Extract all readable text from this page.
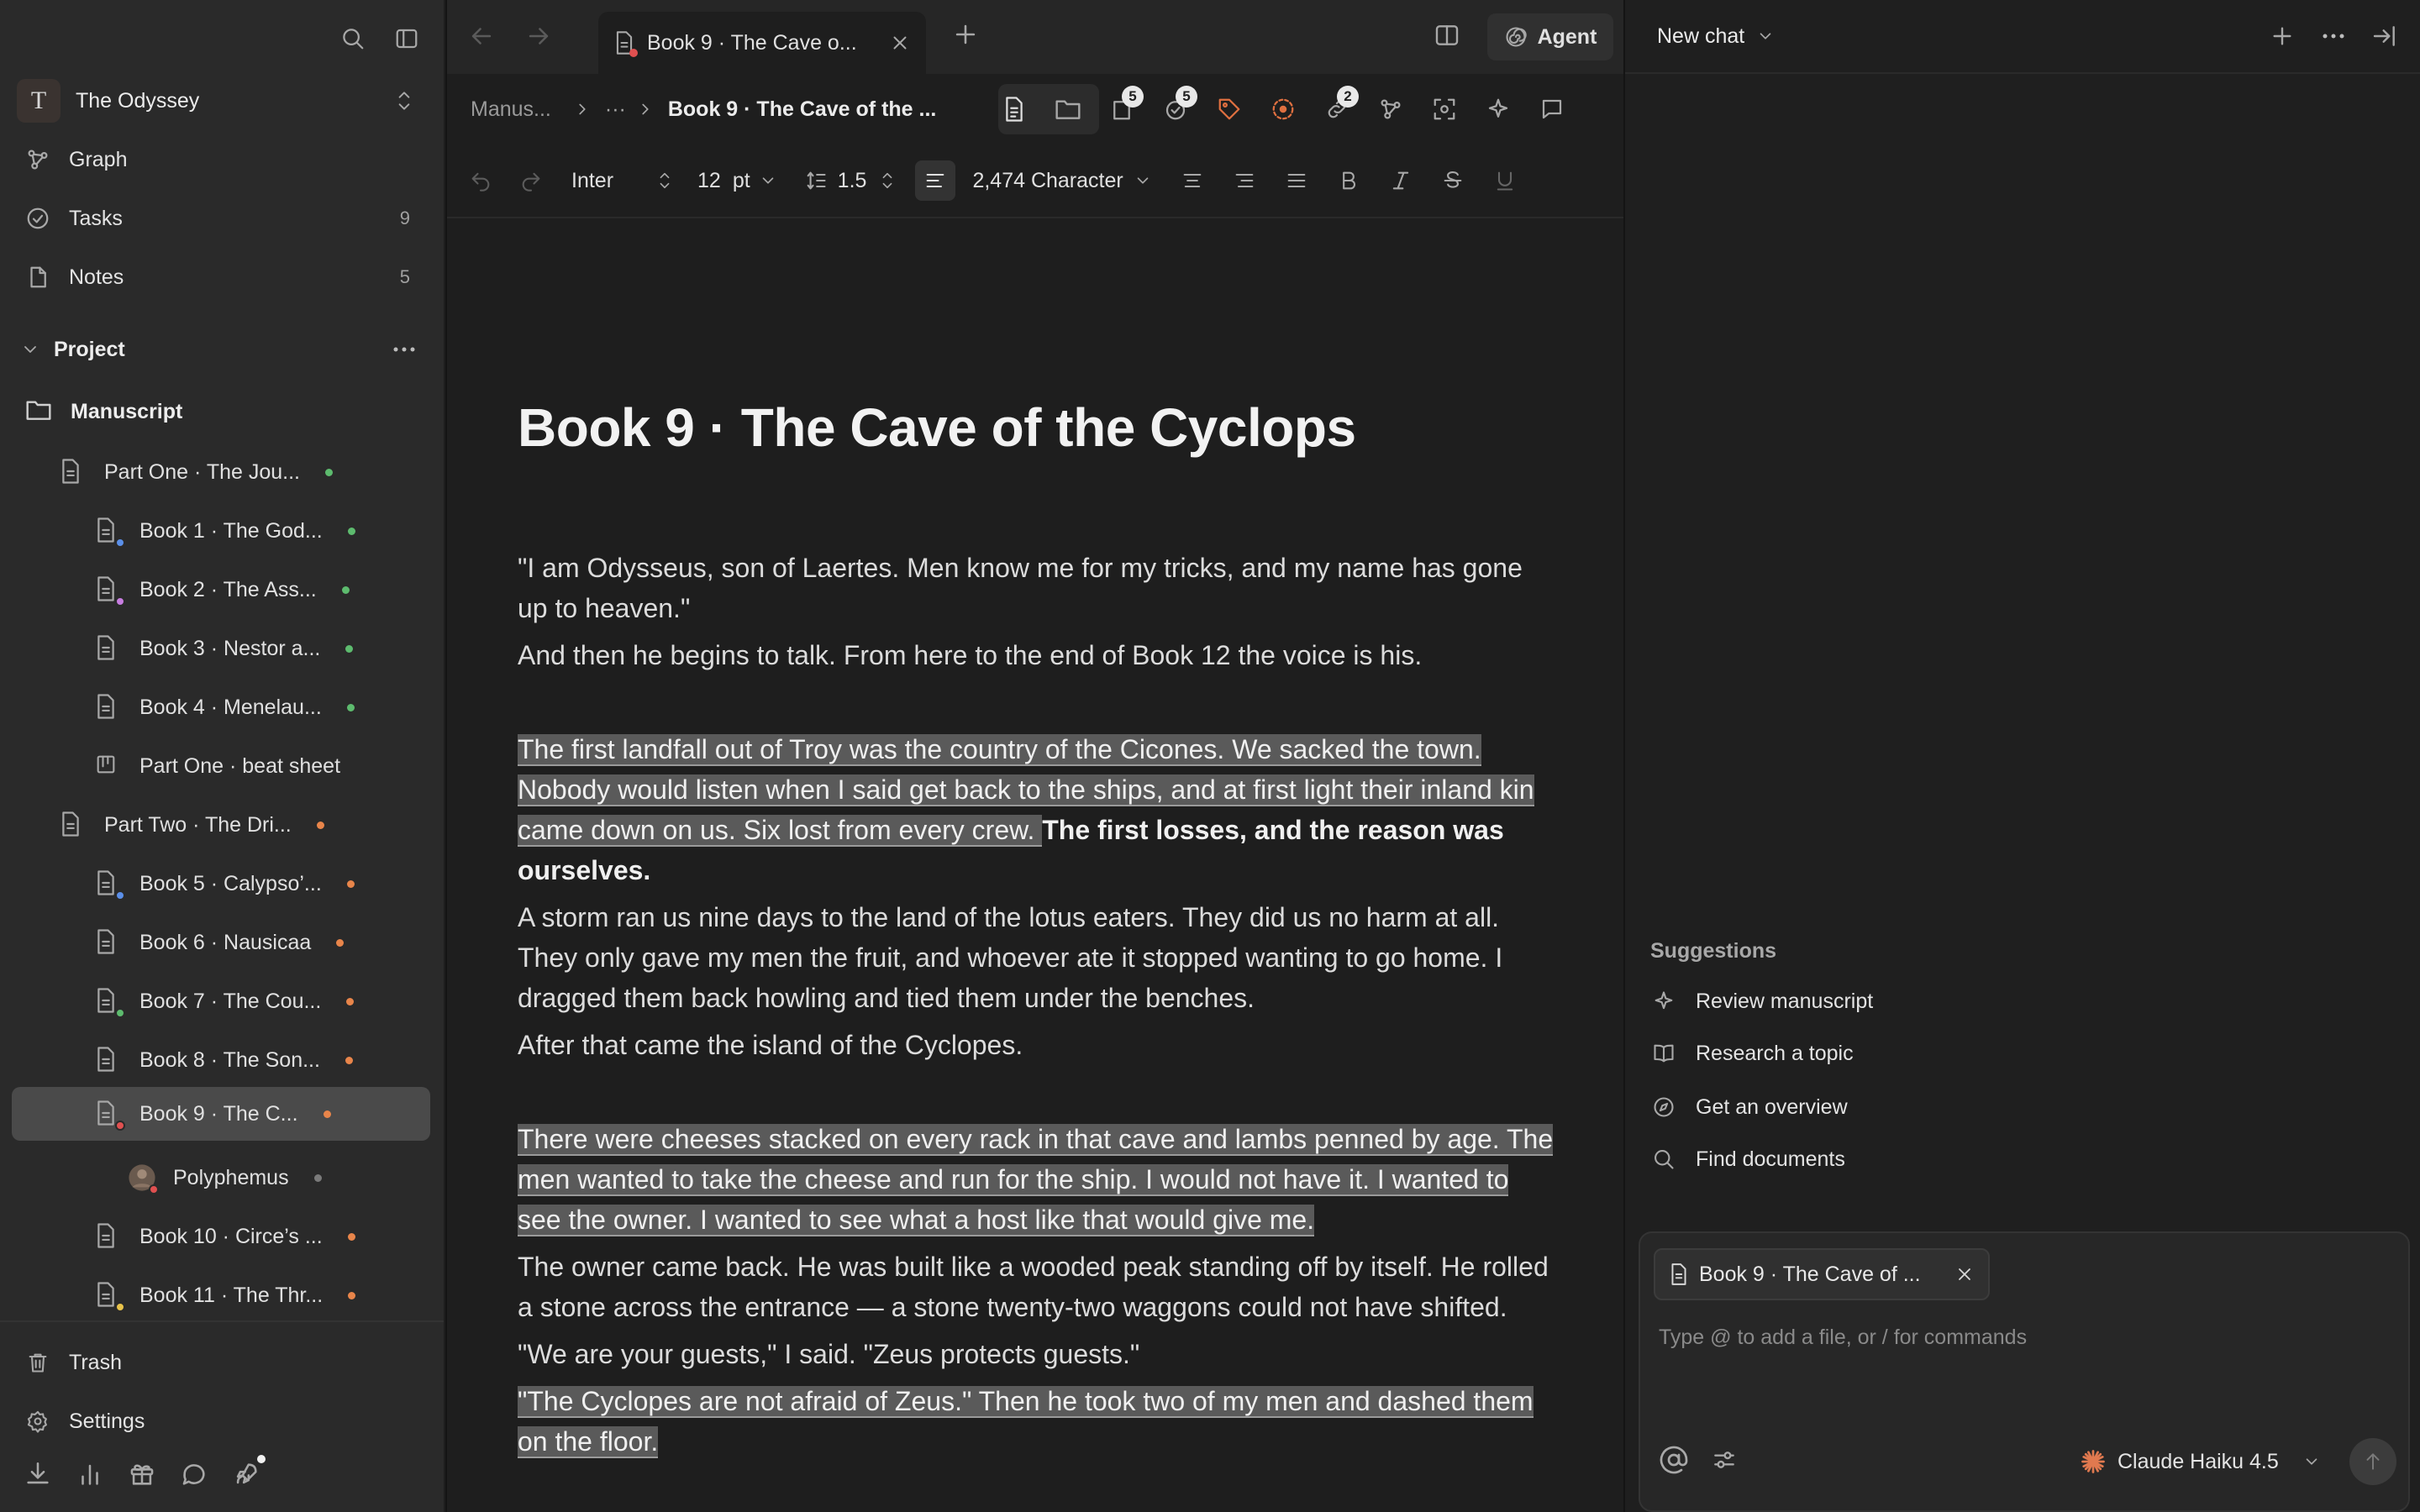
T	The Odyssey
Graph
Tasks	9
Notes	5
Project
Manuscript
Part One · The Jou...
Book 1 · The God...
Book 2 · The Ass...
Book 3 · Nestor a...
Book 4 · Menelau...
Part One · beat sheet
Part Two · The Dri...
Book 5 · Calypso’...
Book 6 · Nausicaa
Book 7 · The Cou...
Book 8 · The Son...
Book 9 · The C...
Polyphemus
Book 10 · Circe’s ...
Book 11 · The Thr...
Trash
Settings
Book 9 · The Cave o...	Agent
Manus...	··· Book 9 · The Cave of the ...
5	5	2
Inter	12 pt	1.5	2,474 Character
Book 9 · The Cave of the Cyclops
"I am Odysseus, son of Laertes. Men know me for my tricks, and my name has gone up to heaven."
And then he begins to talk. From here to the end of Book 12 the voice is his.
The first landfall out of Troy was the country of the Cicones. We sacked the town. Nobody would listen when I said get back to the ships, and at first light their inland kin came down on us. Six lost from every crew. The first losses, and the reason was ourselves.
A storm ran us nine days to the land of the lotus eaters. They did us no harm at all. They only gave my men the fruit, and whoever ate it stopped wanting to go home. I dragged them back howling and tied them under the benches.
After that came the island of the Cyclopes.
There were cheeses stacked on every rack in that cave and lambs penned by age. The men wanted to take the cheese and run for the ship. I would not have it. I wanted to see the owner. I wanted to see what a host like that would give me.
The owner came back. He was built like a wooded peak standing off by itself. He rolled a stone across the entrance — a stone twenty-two waggons could not have shifted.
"We are your guests," I said. "Zeus protects guests."
"The Cyclopes are not afraid of Zeus." Then he took two of my men and dashed them on the floor.
New chat
Suggestions
Review manuscript
Research a topic
Get an overview
Find documents
Book 9 · The Cave of ...
Type @ to add a file, or / for commands
Claude Haiku 4.5
